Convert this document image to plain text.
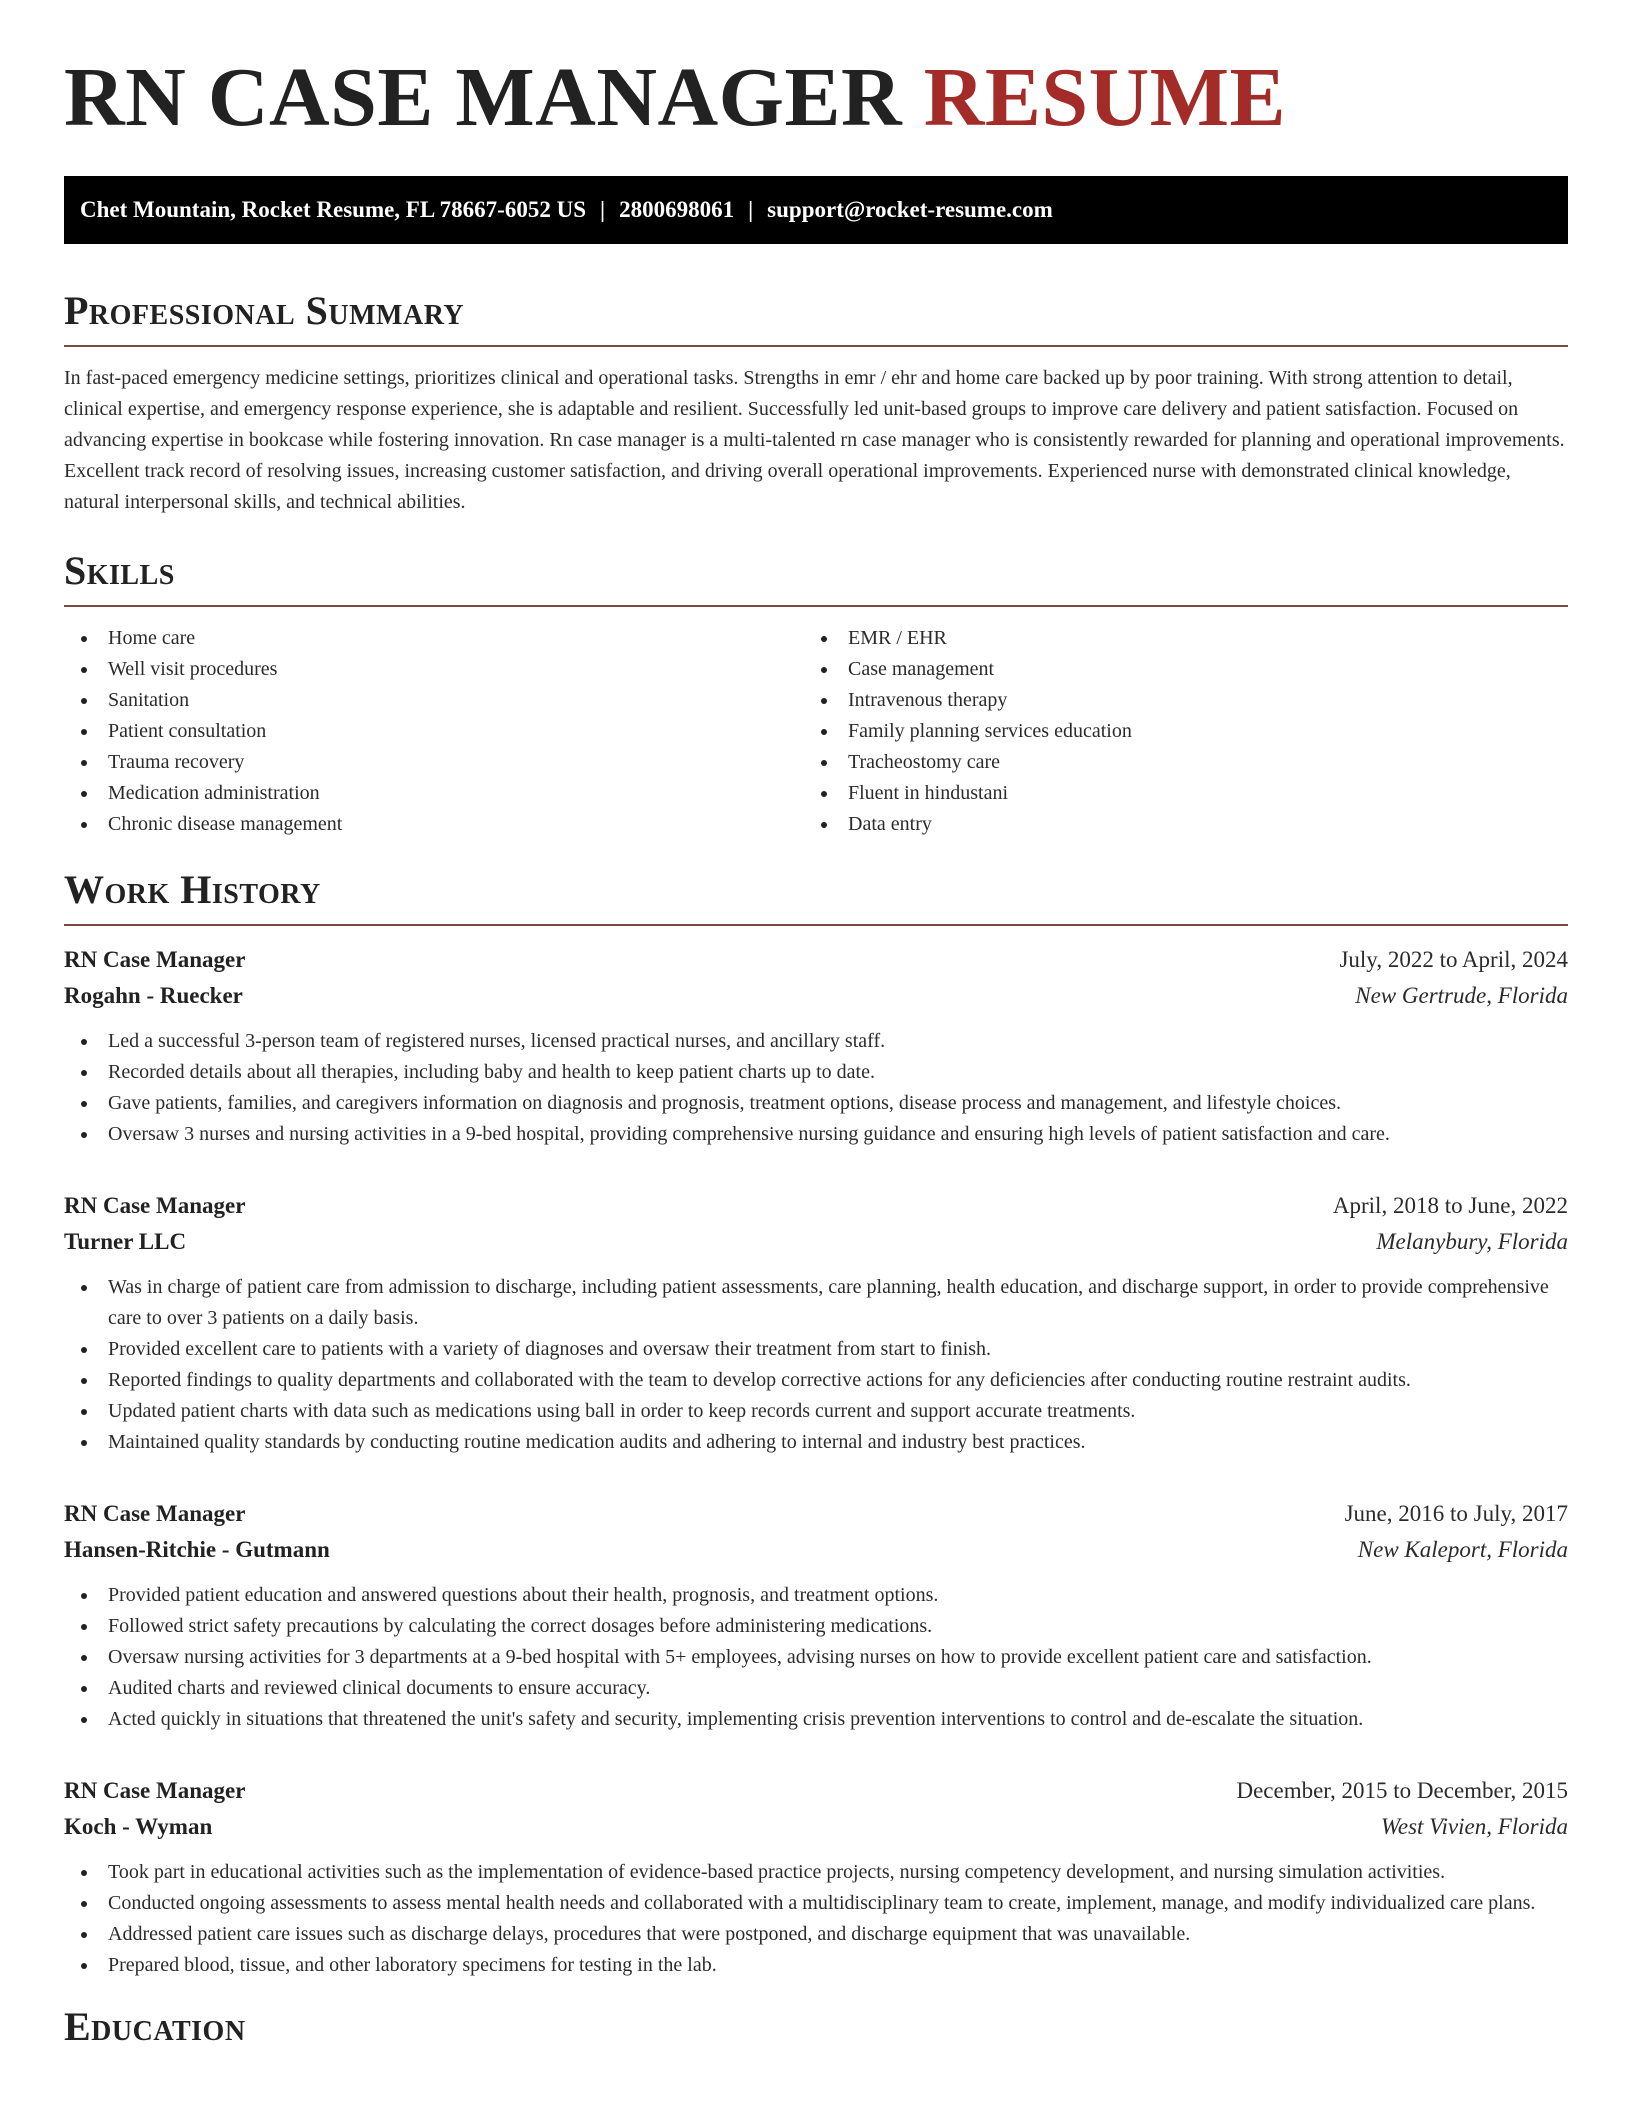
RN CASE MANAGER RESUME
Chet Mountain, Rocket Resume, FL 78667-6052 US | 2800698061 | support@rocket-resume.com
Professional Summary

In fast-paced emergency medicine settings, prioritizes clinical and operational tasks. Strengths in emr / ehr and home care backed up by poor training. With strong attention to detail, clinical expertise, and emergency response experience, she is adaptable and resilient. Successfully led unit-based groups to improve care delivery and patient satisfaction. Focused on advancing expertise in bookcase while fostering innovation. Rn case manager is a multi-talented rn case manager who is consistently rewarded for planning and operational improvements. Excellent track record of resolving issues, increasing customer satisfaction, and driving overall operational improvements. Experienced nurse with demonstrated clinical knowledge, natural interpersonal skills, and technical abilities.

Skills
Home care
Well visit procedures
Sanitation
Patient consultation
Trauma recovery
Medication administration
Chronic disease management
EMR / EHR
Case management
Intravenous therapy
Family planning services education
Tracheostomy care
Fluent in hindustani
Data entry
Work History
RN Case Manager	July, 2022 to April, 2024
Rogahn - Ruecker	New Gertrude, Florida
Led a successful 3-person team of registered nurses, licensed practical nurses, and ancillary staff.
Recorded details about all therapies, including baby and health to keep patient charts up to date.
Gave patients, families, and caregivers information on diagnosis and prognosis, treatment options, disease process and management, and lifestyle choices.
Oversaw 3 nurses and nursing activities in a 9-bed hospital, providing comprehensive nursing guidance and ensuring high levels of patient satisfaction and care.
RN Case Manager	April, 2018 to June, 2022
Turner LLC	Melanybury, Florida
Was in charge of patient care from admission to discharge, including patient assessments, care planning, health education, and discharge support, in order to provide comprehensive care to over 3 patients on a daily basis.
Provided excellent care to patients with a variety of diagnoses and oversaw their treatment from start to finish.
Reported findings to quality departments and collaborated with the team to develop corrective actions for any deficiencies after conducting routine restraint audits.
Updated patient charts with data such as medications using ball in order to keep records current and support accurate treatments.
Maintained quality standards by conducting routine medication audits and adhering to internal and industry best practices.
RN Case Manager	June, 2016 to July, 2017
Hansen-Ritchie - Gutmann	New Kaleport, Florida
Provided patient education and answered questions about their health, prognosis, and treatment options.
Followed strict safety precautions by calculating the correct dosages before administering medications.
Oversaw nursing activities for 3 departments at a 9-bed hospital with 5+ employees, advising nurses on how to provide excellent patient care and satisfaction.
Audited charts and reviewed clinical documents to ensure accuracy.
Acted quickly in situations that threatened the unit's safety and security, implementing crisis prevention interventions to control and de-escalate the situation.
RN Case Manager	December, 2015 to December, 2015
Koch - Wyman	West Vivien, Florida
Took part in educational activities such as the implementation of evidence-based practice projects, nursing competency development, and nursing simulation activities.
Conducted ongoing assessments to assess mental health needs and collaborated with a multidisciplinary team to create, implement, manage, and modify individualized care plans.
Addressed patient care issues such as discharge delays, procedures that were postponed, and discharge equipment that was unavailable.
Prepared blood, tissue, and other laboratory specimens for testing in the lab.
Education
